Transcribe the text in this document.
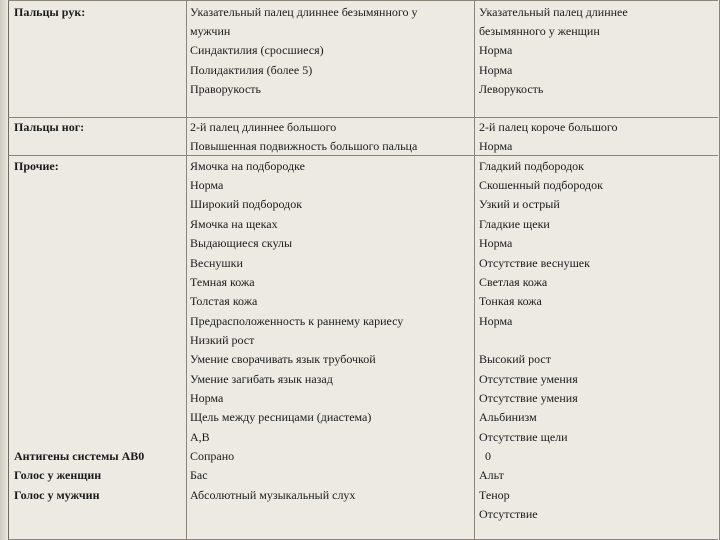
Пальцы рук:	Указательный палец длиннее безымянного у
мужчин
Синдактилия (сросшиеся)
Полидактилия (более 5)
Праворукость
Указательный палец длиннее
безымянного у женщин
Норма
Норма
Леворукость
Пальцы ног:	2-й палец длиннее большого
Повышенная подвижность большого пальца
2-й палец короче большого
Норма
Прочие:
Антигены системы АВ0
Голос у женщин
Голос у мужчин
Ямочка на подбородке
Норма
Широкий подбородок
Ямочка на щеках
Выдающиеся скулы
Веснушки
Темная кожа
Толстая кожа
Предрасположенность к раннему кариесу
Низкий рост
Умение сворачивать язык трубочкой
Умение загибать язык назад
Норма
Щель между ресницами (диастема)
А,В
Сопрано
Бас
Абсолютный музыкальный слух
Гладкий подбородок
Скошенный подбородок
Узкий и острый
Гладкие щеки
Норма
Отсутствие веснушек
Светлая кожа
Тонкая кожа
Норма
Высокий рост
Отсутствие умения
Отсутствие умения
Альбинизм
Отсутствие щели
0
Альт
Тенор
Отсутствие
